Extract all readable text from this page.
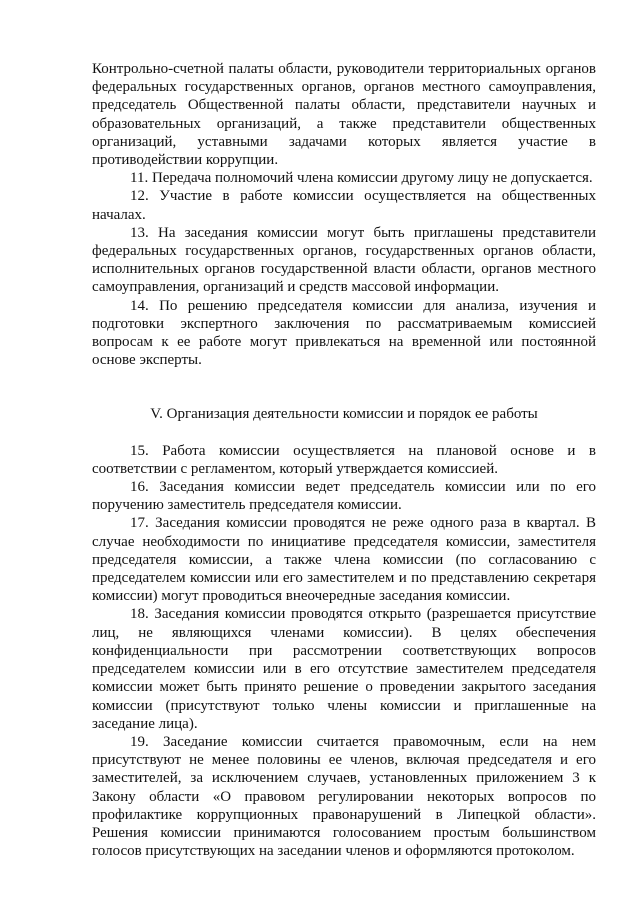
Контрольно-счетной палаты области, руководители территориальных органов федеральных государственных органов, органов местного самоуправления, председатель Общественной палаты области, представители научных и образовательных организаций, а также представители общественных организаций, уставными задачами которых является участие в противодействии коррупции.

11. Передача полномочий члена комиссии другому лицу не допускается.

12. Участие в работе комиссии осуществляется на общественных началах.

13. На заседания комиссии могут быть приглашены представители федеральных государственных органов, государственных органов области, исполнительных органов государственной власти области, органов местного самоуправления, организаций и средств массовой информации.

14. По решению председателя комиссии для анализа, изучения и подготовки экспертного заключения по рассматриваемым комиссией вопросам к ее работе могут привлекаться на временной или постоянной основе эксперты.

V. Организация деятельности комиссии и порядок ее работы

15. Работа комиссии осуществляется на плановой основе и в соответствии с регламентом, который утверждается комиссией.

16. Заседания комиссии ведет председатель комиссии или по его поручению заместитель председателя комиссии.

17. Заседания комиссии проводятся не реже одного раза в квартал. В случае необходимости по инициативе председателя комиссии, заместителя председателя комиссии, а также члена комиссии (по согласованию с председателем комиссии или его заместителем и по представлению секретаря комиссии) могут проводиться внеочередные заседания комиссии.

18. Заседания комиссии проводятся открыто (разрешается присутствие лиц, не являющихся членами комиссии). В целях обеспечения конфиденциальности при рассмотрении соответствующих вопросов председателем комиссии или в его отсутствие заместителем председателя комиссии может быть принято решение о проведении закрытого заседания комиссии (присутствуют только члены комиссии и приглашенные на заседание лица).

19. Заседание комиссии считается правомочным, если на нем присутствуют не менее половины ее членов, включая председателя и его заместителей, за исключением случаев, установленных приложением 3 к Закону области «О правовом регулировании некоторых вопросов по профилактике коррупционных правонарушений в Липецкой области». Решения комиссии принимаются голосованием простым большинством голосов присутствующих на заседании членов и оформляются протоколом.
